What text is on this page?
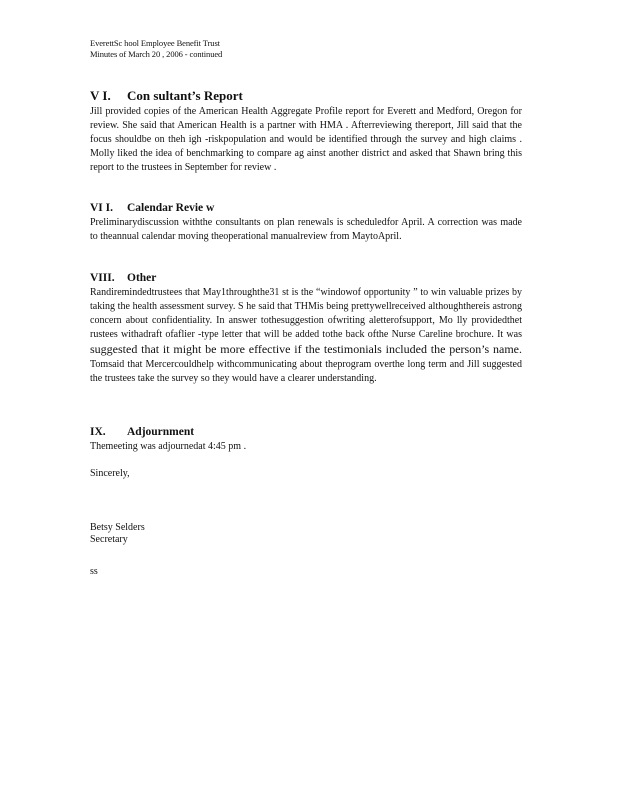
EverettSc hool Employee Benefit Trust
Minutes of March 20 , 2006 - continued
V I. Con sultant’s Report

Jill provided copies of the American Health Aggregate Profile report for Everett and Medford, Oregon for review. She said that American Health is a partner with HMA . Afterreviewing thereport, Jill said that the focus shouldbe on theh igh -riskpopulation and would be identified through the survey and high claims . Molly liked the idea of benchmarking to compare ag ainst another district and asked that Shawn bring this report to the trustees in September for review .

VI I. Calendar Revie w

Preliminarydiscussion withthe consultants on plan renewals is scheduledfor April. A correction was made to theannual calendar moving theoperational manualreview from MaytoApril.

VIII. Other

Randiremindedtrustees that May1throughthe31 st is the “windowof opportunity ” to win valuable prizes by taking the health assessment survey. S he said that THMis being prettywellreceived althoughthereis astrong concern about confidentiality. In answer tothesuggestion ofwriting aletterofsupport, Mo lly providedthet rustees withadraft ofaflier -type letter that will be added tothe back ofthe Nurse Careline brochure. It was suggested that it might be more effective if the testimonials included the person’s name. Tomsaid that Mercercouldhelp withcommunicating about theprogram overthe long term and Jill suggested the trustees take the survey so they would have a clearer understanding.

IX. Adjournment

Themeeting was adjournedat 4:45 pm .

Sincerely,
Betsy Selders
Secretary
ss
